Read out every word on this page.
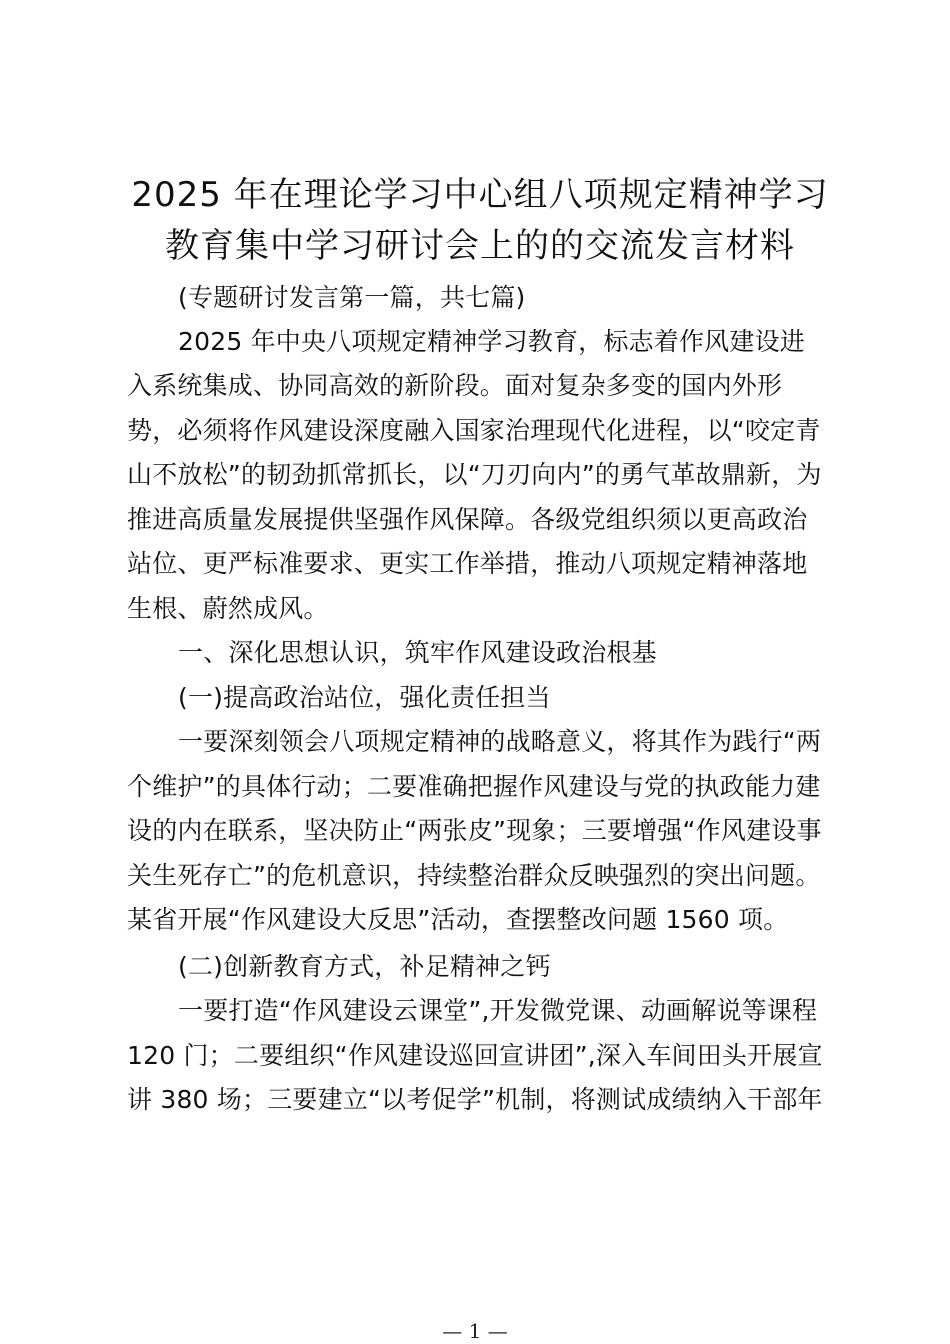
2025 年在理论学习中心组八项规定精神学习
教育集中学习研讨会上的的交流发言材料
(专题研讨发言第一篇，共七篇)
2025 年中央八项规定精神学习教育，标志着作风建设进
入系统集成、协同高效的新阶段。面对复杂多变的国内外形
势，必须将作风建设深度融入国家治理现代化进程，以“咬定青
山不放松”的韧劲抓常抓长，以“刀刃向内”的勇气革故鼎新，为
推进高质量发展提供坚强作风保障。各级党组织须以更高政治
站位、更严标准要求、更实工作举措，推动八项规定精神落地
生根、蔚然成风。
一、深化思想认识，筑牢作风建设政治根基
(一)提高政治站位，强化责任担当
一要深刻领会八项规定精神的战略意义，将其作为践行“两
个维护”的具体行动；二要准确把握作风建设与党的执政能力建
设的内在联系，坚决防止“两张皮”现象；三要增强“作风建设事
关生死存亡”的危机意识，持续整治群众反映强烈的突出问题。
某省开展“作风建设大反思”活动，查摆整改问题 1560 项。
(二)创新教育方式，补足精神之钙
一要打造“作风建设云课堂”,开发微党课、动画解说等课程
120 门；二要组织“作风建设巡回宣讲团”,深入车间田头开展宣
讲 380 场；三要建立“以考促学”机制，将测试成绩纳入干部年
— 1 —
